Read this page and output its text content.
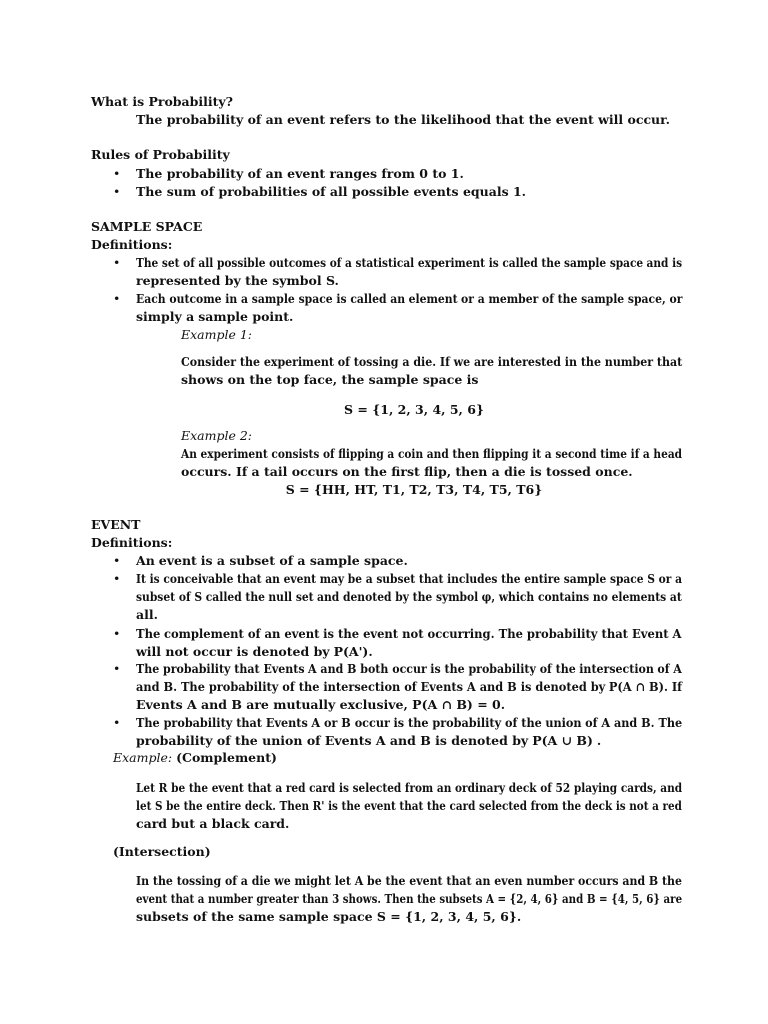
What is Probability?
The probability of an event refers to the likelihood that the event will occur.
Rules of Probability
• The probability of an event ranges from 0 to 1.
• The sum of probabilities of all possible events equals 1.
SAMPLE SPACE
Definitions:
• The set of all possible outcomes of a statistical experiment is called the sample space and is
represented by the symbol S.
• Each outcome in a sample space is called an element or a member of the sample space, or
simply a sample point.
Example 1:
Consider the experiment of tossing a die. If we are interested in the number that
shows on the top face, the sample space is
S = {1, 2, 3, 4, 5, 6}
Example 2:
An experiment consists of flipping a coin and then flipping it a second time if a head
occurs. If a tail occurs on the first flip, then a die is tossed once.
S = {HH, HT, T1, T2, T3, T4, T5, T6}
EVENT
Definitions:
• An event is a subset of a sample space.
• It is conceivable that an event may be a subset that includes the entire sample space S or a
subset of S called the null set and denoted by the symbol φ, which contains no elements at
all.
• The complement of an event is the event not occurring. The probability that Event A
will not occur is denoted by P(A').
• The probability that Events A and B both occur is the probability of the intersection of A
and B. The probability of the intersection of Events A and B is denoted by P(A ∩ B). If
Events A and B are mutually exclusive, P(A ∩ B) = 0.
• The probability that Events A or B occur is the probability of the union of A and B. The
probability of the union of Events A and B is denoted by P(A ∪ B) .
Example: (Complement)
Let R be the event that a red card is selected from an ordinary deck of 52 playing cards, and
let S be the entire deck. Then R' is the event that the card selected from the deck is not a red
card but a black card.
(Intersection)
In the tossing of a die we might let A be the event that an even number occurs and B the
event that a number greater than 3 shows. Then the subsets A = {2, 4, 6} and B = {4, 5, 6} are
subsets of the same sample space S = {1, 2, 3, 4, 5, 6}.
